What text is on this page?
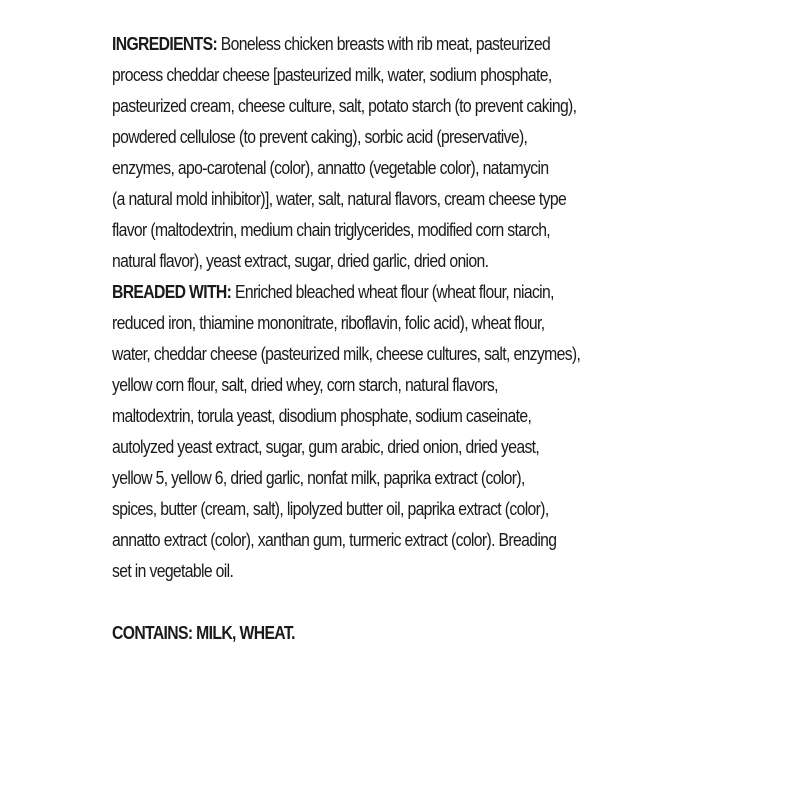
INGREDIENTS: Boneless chicken breasts with rib meat, pasteurized
process cheddar cheese [pasteurized milk, water, sodium phosphate,
pasteurized cream, cheese culture, salt, potato starch (to prevent caking),
powdered cellulose (to prevent caking), sorbic acid (preservative),
enzymes, apo-carotenal (color), annatto (vegetable color), natamycin
(a natural mold inhibitor)], water, salt, natural flavors, cream cheese type
flavor (maltodextrin, medium chain triglycerides, modified corn starch,
natural flavor), yeast extract, sugar, dried garlic, dried onion.
BREADED WITH: Enriched bleached wheat flour (wheat flour, niacin,
reduced iron, thiamine mononitrate, riboflavin, folic acid), wheat flour,
water, cheddar cheese (pasteurized milk, cheese cultures, salt, enzymes),
yellow corn flour, salt, dried whey, corn starch, natural flavors,
maltodextrin, torula yeast, disodium phosphate, sodium caseinate,
autolyzed yeast extract, sugar, gum arabic, dried onion, dried yeast,
yellow 5, yellow 6, dried garlic, nonfat milk, paprika extract (color),
spices, butter (cream, salt), lipolyzed butter oil, paprika extract (color),
annatto extract (color), xanthan gum, turmeric extract (color). Breading
set in vegetable oil.
CONTAINS: MILK, WHEAT.
